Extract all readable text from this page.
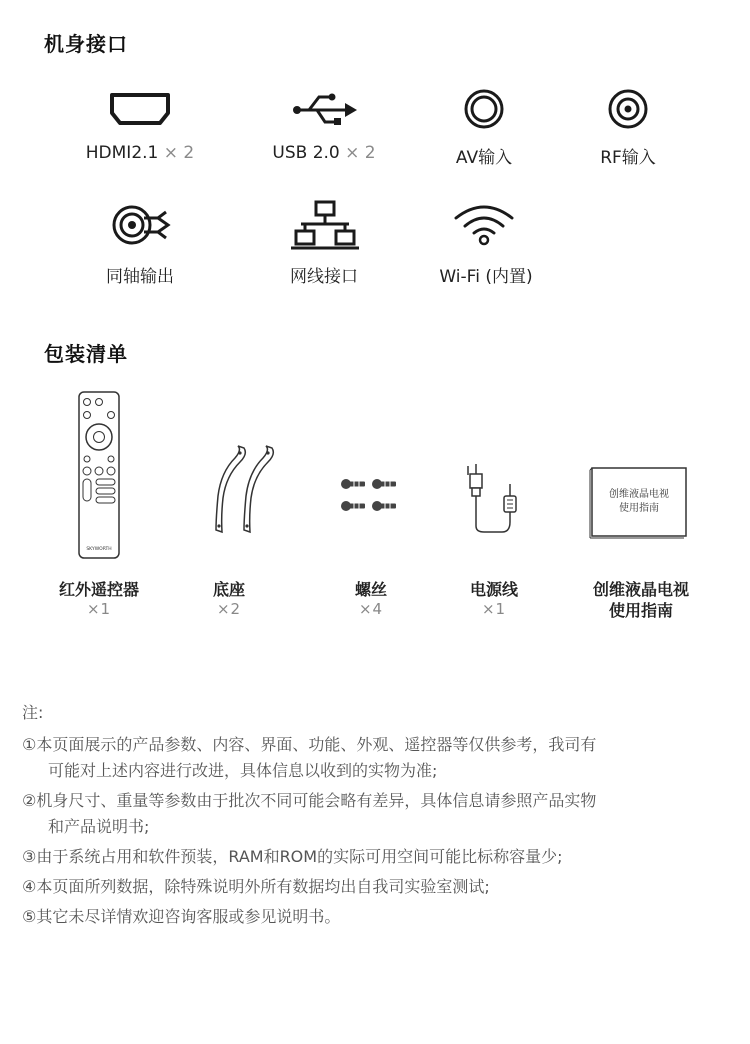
机身接口
HDMI2.1 × 2	USB 2.0 × 2	AV输入	RF输入
同轴输出	网线接口	Wi-Fi (内置)
包装清单
SKYWORTH
红外遥控器
×1
底座
×2
螺丝
×4
电源线
×1
创维液晶电视
使用指南
创维液晶电视
使用指南

注:

①本页面展示的产品参数、内容、界面、功能、外观、遥控器等仅供参考，我司有

可能对上述内容进行改进，具体信息以收到的实物为准;

②机身尺寸、重量等参数由于批次不同可能会略有差异，具体信息请参照产品实物

和产品说明书;

③由于系统占用和软件预装，RAM和ROM的实际可用空间可能比标称容量少;

④本页面所列数据，除特殊说明外所有数据均出自我司实验室测试;

⑤其它未尽详情欢迎咨询客服或参见说明书。
